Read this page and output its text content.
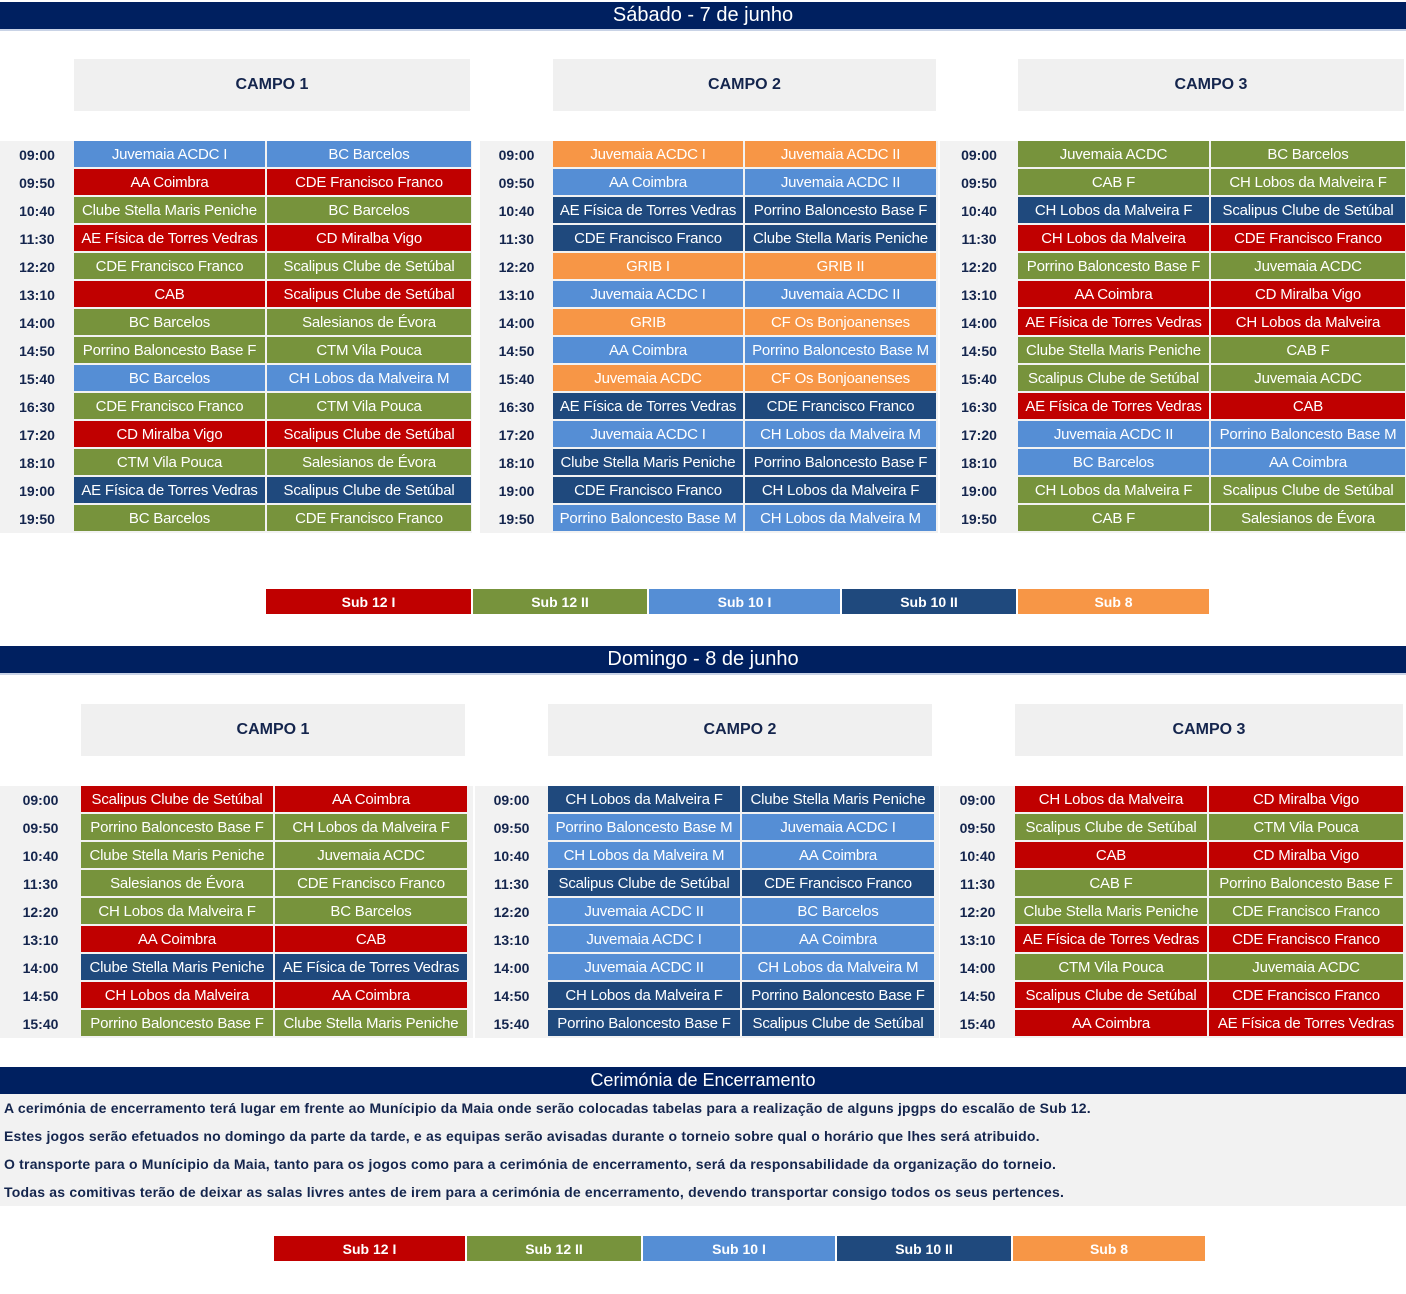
Sábado - 7 de junho
CAMPO 1	CAMPO 2	CAMPO 3
09:00	Juvemaia ACDC I	BC Barcelos
09:50	AA Coimbra	CDE Francisco Franco
10:40	Clube Stella Maris Peniche	BC Barcelos
11:30	AE Física de Torres Vedras	CD Miralba Vigo
12:20	CDE Francisco Franco	Scalipus Clube de Setúbal
13:10	CAB	Scalipus Clube de Setúbal
14:00	BC Barcelos	Salesianos de Évora
14:50	Porrino Baloncesto Base F	CTM Vila Pouca
15:40	BC Barcelos	CH Lobos da Malveira M
16:30	CDE Francisco Franco	CTM Vila Pouca
17:20	CD Miralba Vigo	Scalipus Clube de Setúbal
18:10	CTM Vila Pouca	Salesianos de Évora
19:00	AE Física de Torres Vedras	Scalipus Clube de Setúbal
19:50	BC Barcelos	CDE Francisco Franco
09:00	Juvemaia ACDC I	Juvemaia ACDC II
09:50	AA Coimbra	Juvemaia ACDC II
10:40	AE Física de Torres Vedras	Porrino Baloncesto Base F
11:30	CDE Francisco Franco	Clube Stella Maris Peniche
12:20	GRIB I	GRIB II
13:10	Juvemaia ACDC I	Juvemaia ACDC II
14:00	GRIB	CF Os Bonjoanenses
14:50	AA Coimbra	Porrino Baloncesto Base M
15:40	Juvemaia ACDC	CF Os Bonjoanenses
16:30	AE Física de Torres Vedras	CDE Francisco Franco
17:20	Juvemaia ACDC I	CH Lobos da Malveira M
18:10	Clube Stella Maris Peniche	Porrino Baloncesto Base F
19:00	CDE Francisco Franco	CH Lobos da Malveira F
19:50	Porrino Baloncesto Base M	CH Lobos da Malveira M
09:00	Juvemaia ACDC	BC Barcelos
09:50	CAB F	CH Lobos da Malveira F
10:40	CH Lobos da Malveira F	Scalipus Clube de Setúbal
11:30	CH Lobos da Malveira	CDE Francisco Franco
12:20	Porrino Baloncesto Base F	Juvemaia ACDC
13:10	AA Coimbra	CD Miralba Vigo
14:00	AE Física de Torres Vedras	CH Lobos da Malveira
14:50	Clube Stella Maris Peniche	CAB F
15:40	Scalipus Clube de Setúbal	Juvemaia ACDC
16:30	AE Física de Torres Vedras	CAB
17:20	Juvemaia ACDC II	Porrino Baloncesto Base M
18:10	BC Barcelos	AA Coimbra
19:00	CH Lobos da Malveira F	Scalipus Clube de Setúbal
19:50	CAB F	Salesianos de Évora
Sub 12 I	Sub 12 II	Sub 10 I	Sub 10 II	Sub 8
Domingo - 8 de junho
CAMPO 1	CAMPO 2	CAMPO 3
09:00	Scalipus Clube de Setúbal	AA Coimbra
09:50	Porrino Baloncesto Base F	CH Lobos da Malveira F
10:40	Clube Stella Maris Peniche	Juvemaia ACDC
11:30	Salesianos de Évora	CDE Francisco Franco
12:20	CH Lobos da Malveira F	BC Barcelos
13:10	AA Coimbra	CAB
14:00	Clube Stella Maris Peniche	AE Física de Torres Vedras
14:50	CH Lobos da Malveira	AA Coimbra
15:40	Porrino Baloncesto Base F	Clube Stella Maris Peniche
09:00	CH Lobos da Malveira F	Clube Stella Maris Peniche
09:50	Porrino Baloncesto Base M	Juvemaia ACDC I
10:40	CH Lobos da Malveira M	AA Coimbra
11:30	Scalipus Clube de Setúbal	CDE Francisco Franco
12:20	Juvemaia ACDC II	BC Barcelos
13:10	Juvemaia ACDC I	AA Coimbra
14:00	Juvemaia ACDC II	CH Lobos da Malveira M
14:50	CH Lobos da Malveira F	Porrino Baloncesto Base F
15:40	Porrino Baloncesto Base F	Scalipus Clube de Setúbal
09:00	CH Lobos da Malveira	CD Miralba Vigo
09:50	Scalipus Clube de Setúbal	CTM Vila Pouca
10:40	CAB	CD Miralba Vigo
11:30	CAB F	Porrino Baloncesto Base F
12:20	Clube Stella Maris Peniche	CDE Francisco Franco
13:10	AE Física de Torres Vedras	CDE Francisco Franco
14:00	CTM Vila Pouca	Juvemaia ACDC
14:50	Scalipus Clube de Setúbal	CDE Francisco Franco
15:40	AA Coimbra	AE Física de Torres Vedras
Cerimónia de Encerramento
A cerimónia de encerramento terá lugar em frente ao Munícipio da Maia onde serão colocadas tabelas para a realização de alguns jpgps do escalão de Sub 12.
Estes jogos serão efetuados no domingo da parte da tarde, e as equipas serão avisadas durante o torneio sobre qual o horário que lhes será atribuido.
O transporte para o Munícipio da Maia, tanto para os jogos como para a cerimónia de encerramento, será da responsabilidade da organização do torneio.
Todas as comitivas terão de deixar as salas livres antes de irem para a cerimónia de encerramento, devendo transportar consigo todos os seus pertences.
Sub 12 I	Sub 12 II	Sub 10 I	Sub 10 II	Sub 8
